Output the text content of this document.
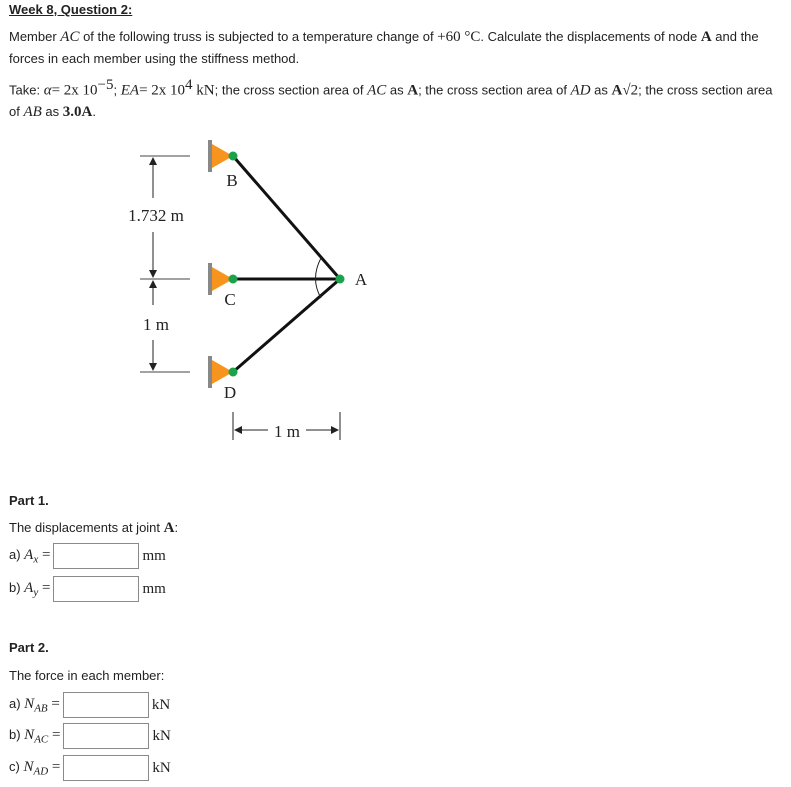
Week 8, Question 2:
Member AC of the following truss is subjected to a temperature change of +60 °C. Calculate the displacements of node A and the forces in each member using the stiffness method.
Take: α= 2x $10^{-5}$; EA= 2x $10^4$ kN; the cross section area of AC as A; the cross section area of AD as A√2; the cross section area of AB as 3.0A.
1.732 m
1 m
1 m
B
C
D
A
Part 1.
The displacements at joint A:
a) $A_x$ =	mm
b) $A_y$ =	mm
Part 2.
The force in each member:
a) $N_{AB}$ =	kN
b) $N_{AC}$ =	kN
c) $N_{AD}$ =	kN
